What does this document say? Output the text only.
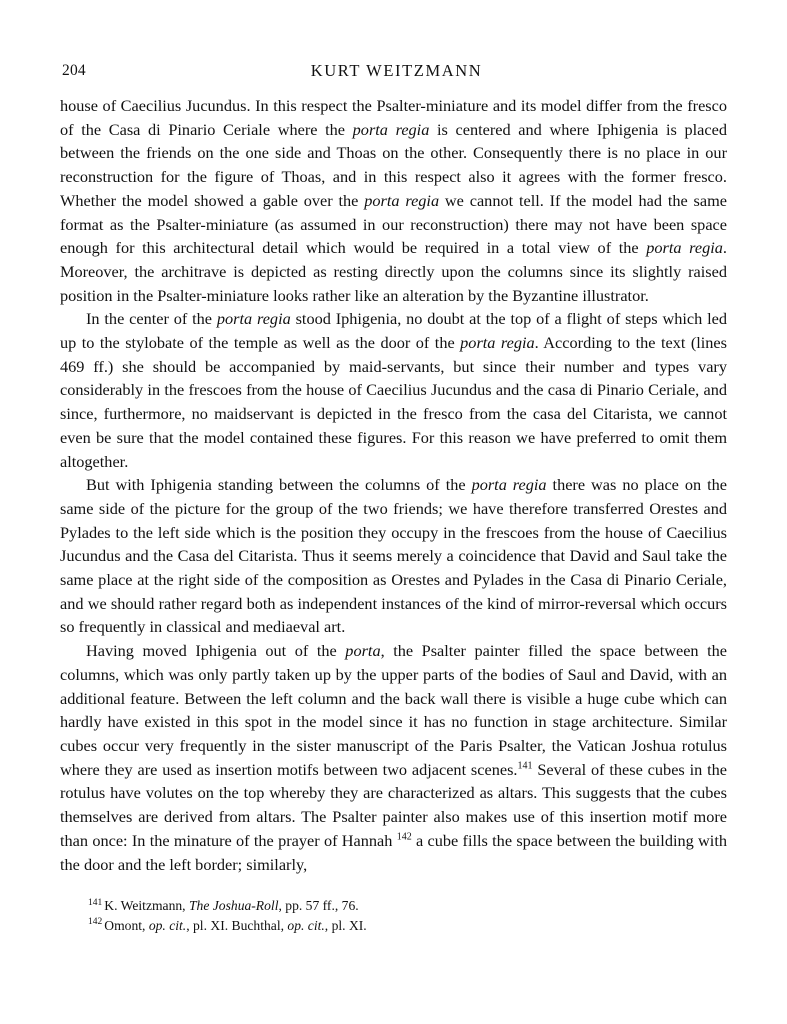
204	KURT WEITZMANN

house of Caecilius Jucundus. In this respect the Psalter-miniature and its model differ from the fresco of the Casa di Pinario Ceriale where the porta regia is centered and where Iphigenia is placed between the friends on the one side and Thoas on the other. Consequently there is no place in our reconstruction for the figure of Thoas, and in this respect also it agrees with the former fresco. Whether the model showed a gable over the porta regia we cannot tell. If the model had the same format as the Psalter-miniature (as assumed in our reconstruction) there may not have been space enough for this architectural detail which would be required in a total view of the porta regia. Moreover, the architrave is depicted as resting directly upon the columns since its slightly raised position in the Psalter-miniature looks rather like an alteration by the Byzantine illustrator.

In the center of the porta regia stood Iphigenia, no doubt at the top of a flight of steps which led up to the stylobate of the temple as well as the door of the porta regia. According to the text (lines 469 ff.) she should be accompanied by maid-servants, but since their number and types vary considerably in the frescoes from the house of Caecilius Jucundus and the casa di Pinario Ceriale, and since, furthermore, no maidservant is depicted in the fresco from the casa del Citarista, we cannot even be sure that the model contained these figures. For this reason we have preferred to omit them altogether.

But with Iphigenia standing between the columns of the porta regia there was no place on the same side of the picture for the group of the two friends; we have therefore transferred Orestes and Pylades to the left side which is the position they occupy in the frescoes from the house of Caecilius Jucundus and the Casa del Citarista. Thus it seems merely a coincidence that David and Saul take the same place at the right side of the composition as Orestes and Pylades in the Casa di Pinario Ceriale, and we should rather regard both as independent instances of the kind of mirror-reversal which occurs so frequently in classical and mediaeval art.

Having moved Iphigenia out of the porta, the Psalter painter filled the space between the columns, which was only partly taken up by the upper parts of the bodies of Saul and David, with an additional feature. Between the left column and the back wall there is visible a huge cube which can hardly have existed in this spot in the model since it has no function in stage architecture. Similar cubes occur very frequently in the sister manuscript of the Paris Psalter, the Vatican Joshua rotulus where they are used as insertion motifs between two adjacent scenes.$^{141}$ Several of these cubes in the rotulus have volutes on the top whereby they are characterized as altars. This suggests that the cubes themselves are derived from altars. The Psalter painter also makes use of this insertion motif more than once: In the minature of the prayer of Hannah $^{142}$ a cube fills the space between the building with the door and the left border; similarly,

$^{141}$ K. Weitzmann, The Joshua-Roll, pp. 57 ff., 76.

$^{142}$ Omont, op. cit., pl. XI. Buchthal, op. cit., pl. XI.
